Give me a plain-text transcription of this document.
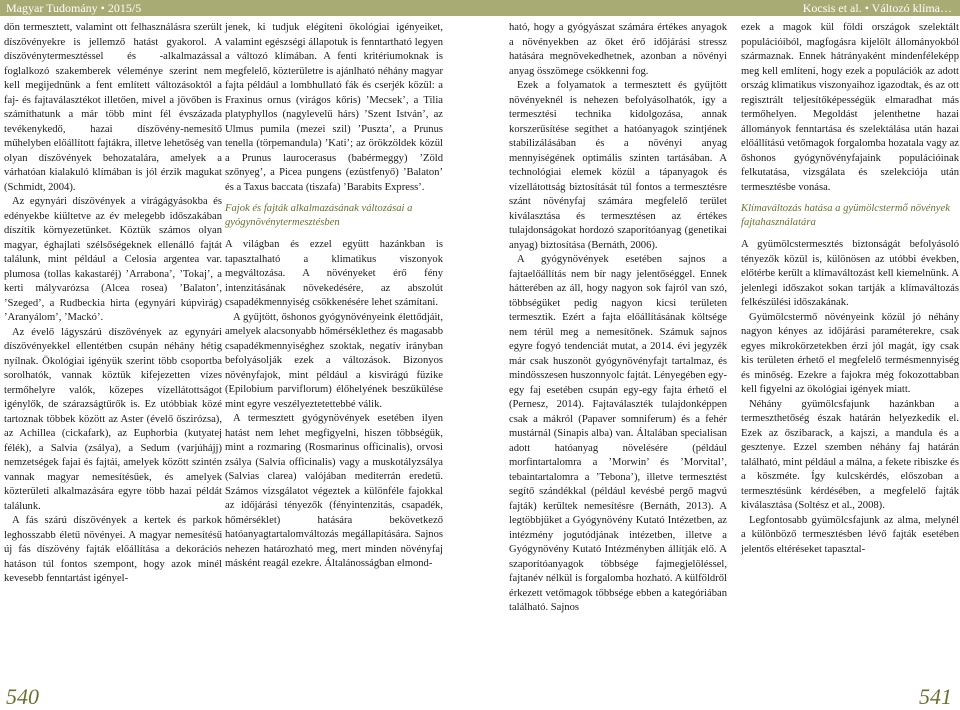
Magyar Tudomány • 2015/5	Kocsis et al. • Változó klíma…

dön termesztett, valamint ott felhasználásra szerült díszövényekre is jellemző hatást gyakorol. A díszövénytermesztéssel és -alkalmazással foglalkozó szakemberek véleménye szerint nem kell megijednünk a fent említett változásoktól a faj- és fajtaválasztékot illetően, mivel a jövőben is számíthatunk a már több mint fél évszázada tevékenykedő, hazai díszövény-nemesítő műhelyben előállított fajtákra, illetve lehetőség van olyan díszövények behozatalára, amelyek a várhatóan kialakuló klímában is jól érzik magukat (Schmidt, 2004).

Az egynyári díszövények a virágágyásokba és edényekbe kiültetve az év melegebb időszakában díszítik környezetünket. Köztük számos olyan magyar, éghajlati szélsőségeknek ellenálló fajtát találunk, mint például a Celosia argentea var. plumosa (tollas kakastaréj) ’Arrabona’, ’Tokaj’, a kerti mályvarózsa (Alcea rosea) ’Balaton’, ’Szeged’, a Rudbeckia hirta (egynyári kúpvirág) ’Aranyálom’, ’Mackó’.

Az évelő lágyszárú díszövények az egynyári díszövényekkel ellentétben csupán néhány hétig nyílnak. Ökológiai igényük szerint több csoportba sorolhatók, vannak köztük kifejezetten vízes termőhelyre valók, közepes vízellátottságot igénylők, de szárazságtűrők is. Ez utóbbiak közé tartoznak többek között az Aster (évelő őszirózsa), az Achillea (cickafark), az Euphorbia (kutyatej félék), a Salvia (zsálya), a Sedum (varjúhájj) nemzetségek fajai és fajtái, amelyek között szintén vannak magyar nemesítésűek, és amelyek közterületi alkalmazására egyre több hazai példát találunk.

A fás szárú díszövények a kertek és parkok leghosszabb életű növényei. A magyar nemesítésű új fás díszövény fajták előállítása a dekorációs hatáson túl fontos szempont, hogy azok minél kevesebb fenntartást igényel-

jenek, ki tudjuk elégíteni ökológiai igényeiket, valamint egészségi állapotuk is fenntartható legyen a változó klímában. A fenti kritériumoknak is megfelelő, közterületre is ajánlható néhány magyar fajta például a lombhullató fák és cserjék közül: a Fraxinus ornus (virágos kőris) ’Mecsek’, a Tilia platyphyllos (nagylevelű hárs) ’Szent István’, az Ulmus pumila (mezei szil) ’Puszta’, a Prunus tenella (törpemandula) ’Kati’; az örökzöldek közül a Prunus laurocerasus (babérmeggy) ’Zöld szőnyeg’, a Picea pungens (ezüstfenyő) ’Balaton’ és a Taxus baccata (tiszafa) ’Barabits Express’.

Fajok és fajták alkalmazásának változásai a gyógynövénytermesztésben

A világban és ezzel együtt hazánkban is tapasztalható a klimatikus viszonyok megváltozása. A növényeket érő fény intenzitásának növekedésére, az abszolút csapadékmennyiség csökkenésére lehet számítani.

A gyűjtött, őshonos gyógynövényeink élettődjáit, amelyek alacsonyabb hőmérséklethez és magasabb csapadékmennyiséghez szoktak, negatív irányban befolyásolják ezek a változások. Bizonyos növényfajok, mint például a kisvirágú füzike (Epilobium parviflorum) élőhelyének beszűkülése mint egyre veszélyeztetettebbé válik.

A termesztett gyógynövények esetében ilyen hatást nem lehet megfigyelni, hiszen többségük, mint a rozmaring (Rosmarinus officinalis), orvosi zsálya (Salvia officinalis) vagy a muskotályzsálya (Salvias clarea) valójában mediterrán eredetű. Számos vizsgálatot végeztek a különféle fajokkal az időjárási tényezők (fényintenzitás, csapadék, hőmérséklet) hatására bekövetkező hatóanyagtartalomváltozás megállapítására. Sajnos nehezen határozható meg, mert minden növényfaj másként reagál ezekre. Általánosságban elmond-

ható, hogy a gyógyászat számára értékes anyagok a növényekben az őket érő időjárási stressz hatására megnövekedhetnek, azonban a növényi anyag összömege csökkenni fog.

Ezek a folyamatok a termesztett és gyűjtött növényeknél is nehezen befolyásolhatók, így a termesztési technika kidolgozása, annak korszerűsítése segíthet a hatóanyagok szintjének stabilizálásában és a növényi anyag mennyiségének optimális szinten tartásában. A technológiai elemek közül a tápanyagok és vízellátottság biztosítását túl fontos a termesztésre szánt növényfaj számára megfelelő terület kiválasztása és termesztésen az értékes tulajdonságokat hordozó szaporítóanyag (genetikai anyag) biztosítása (Bernáth, 2006).

A gyógynövények esetében sajnos a fajtaelőállítás nem bír nagy jelentőséggel. Ennek hátterében az áll, hogy nagyon sok fajról van szó, többségüket pedig nagyon kicsi területen termesztik. Ezért a fajta előállításának költsége nem térül meg a nemesítőnek. Számuk sajnos egyre fogyó tendenciát mutat, a 2014. évi jegyzék már csak huszonöt gyógynövényfajt tartalmaz, és mindösszesen huszonnyolc fajtát. Lényegében egy-egy faj esetében csupán egy-egy fajta érhető el (Pernesz, 2014). Fajtaválaszték tulajdonképpen csak a mákról (Papaver somniferum) és a fehér mustárnál (Sinapis alba) van. Általában specialisan adott hatóanyag növelésére (például morfintartalomra a ’Morwin’ és ’Morvital’, tebaintartalomra a ’Tebona’), illetve termesztést segítő szándékkal (például kevésbé pergő magvú fajták) kerültek nemesítésre (Bernáth, 2013). A legtöbbjüket a Gyógynövény Kutató Intézetben, az intézmény jogutódjának intézetben, illetve a Gyógynövény Kutató Intézményben állítják elő. A szaporítóanyagok többsége fajmegjelöléssel, fajtanév nélkül is forgalomba hozható. A külföldről érkezett vetőmagok többsége ebben a kategóriában található. Sajnos

ezek a magok kül földi országok szelektált populációiból, magfogásra kijelölt állományokból származnak. Ennek hátrányaként mindenféleképp meg kell említeni, hogy ezek a populációk az adott ország klimatikus viszonyaihoz igazodtak, és az ott regisztrált teljesítőképességük elmaradhat más termőhelyen. Megoldást jelenthetne hazai állományok fenntartása és szelektálása után hazai előállítású vetőmagok forgalomba hozatala vagy az őshonos gyógynövényfajaink populációinak felkutatása, vizsgálata és szelekciója után termesztésbe vonása.

Klímaváltozás hatása a gyümölcstermő növények fajtahasználatára

A gyümölcstermesztés biztonságát befolyásoló tényezők közül is, különösen az utóbbi években, előtérbe került a klímaváltozást kell kiemelnünk. A jelenlegi időszakot sokan tartják a klímaváltozás felkészülési időszakának.

Gyümölcstermő növényeink közül jó néhány nagyon kényes az időjárási paraméterekre, csak egyes mikrokörzetekben érzi jól magát, így csak kis területen érhető el megfelelő termésmennyiség és minőség. Ezekre a fajokra még fokozottabban kell figyelni az ökológiai igények miatt.

Néhány gyümölcsfajunk hazánkban a termeszthetőség észak határán helyezkedik el. Ezek az őszibarack, a kajszi, a mandula és a gesztenye. Ezzel szemben néhány faj határán található, mint például a málna, a fekete ribiszke és a köszméte. Így kulcskérdés, előszoban a termesztésünk kérdésében, a megfelelő fajták kiválasztása (Soltész et al., 2008).

Legfontosabb gyümölcsfajunk az alma, melynél a különböző termesztésben lévő fajták esetében jelentős eltéréseket tapasztal-

540	541
